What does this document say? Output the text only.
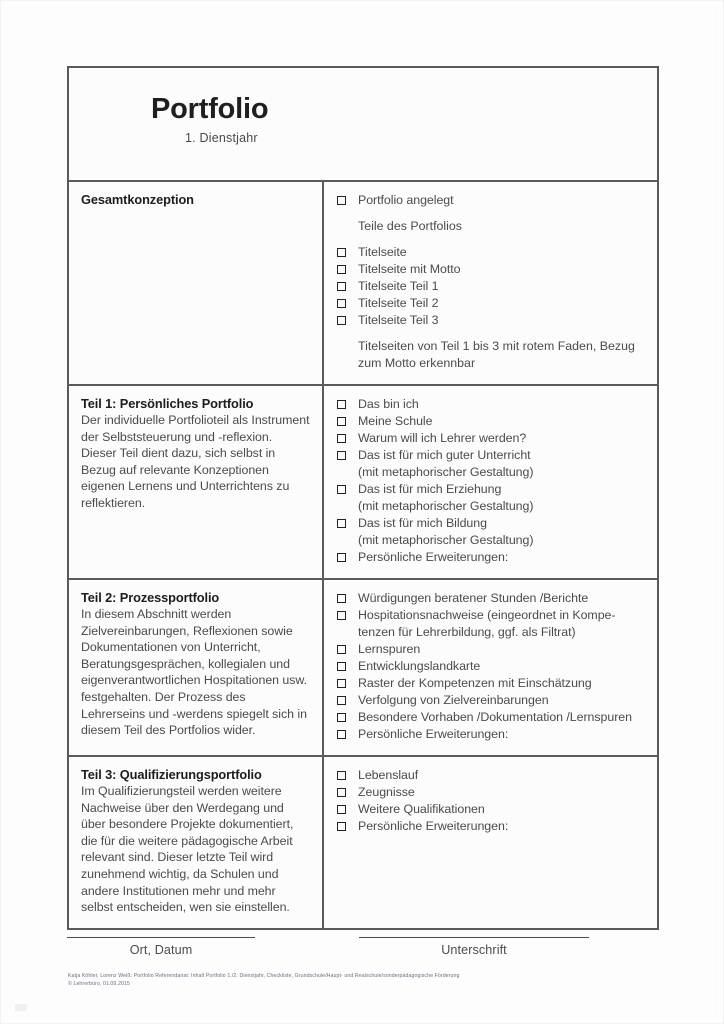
Portfolio
1. Dienstjahr
Gesamtkonzeption	Portfolio angelegt
Teile des Portfolios
Titelseite
Titelseite mit Motto
Titelseite Teil 1
Titelseite Teil 2
Titelseite Teil 3
Titelseiten von Teil 1 bis 3 mit rotem Faden, Bezug zum Motto erkennbar
Teil 1: Persönliches Portfolio

Der individuelle Portfolioteil als Instrument der Selbststeuerung und -reflexion. Dieser Teil dient dazu, sich selbst in Bezug auf relevante Konzeptionen eigenen Lernens und Unterrichtens zu reflektieren.

Das bin ich
Meine Schule
Warum will ich Lehrer werden?
Das ist für mich guter Unterricht
(mit metaphorischer Gestaltung)
Das ist für mich Erziehung
(mit metaphorischer Gestaltung)
Das ist für mich Bildung
(mit metaphorischer Gestaltung)
Persönliche Erweiterungen:
Teil 2: Prozessportfolio

In diesem Abschnitt werden Zielvereinbarungen, Reflexionen sowie Dokumentationen von Unterricht, Beratungsgesprächen, kollegialen und eigenverantwortlichen Hospitationen usw. festgehalten. Der Prozess des Lehrerseins und -werdens spiegelt sich in diesem Teil des Portfolios wider.

Würdigungen beratener Stunden /Berichte
Hospitationsnachweise (eingeordnet in Kompe-
tenzen für Lehrerbildung, ggf. als Filtrat)
Lernspuren
Entwicklungslandkarte
Raster der Kompetenzen mit Einschätzung
Verfolgung von Zielvereinbarungen
Besondere Vorhaben /Dokumentation /Lernspuren
Persönliche Erweiterungen:
Teil 3: Qualifizierungsportfolio

Im Qualifizierungsteil werden weitere Nachweise über den Werdegang und über besondere Projekte dokumentiert, die für die weitere pädagogische Arbeit relevant sind. Dieser letzte Teil wird zunehmend wichtig, da Schulen und andere Institutionen mehr und mehr selbst entscheiden, wen sie einstellen.

Lebenslauf
Zeugnisse
Weitere Qualifikationen
Persönliche Erweiterungen:
Ort, Datum	Unterschrift
Katja Köhler, Lorenz Weiß: Portfolio Referendariat: Inhalt Portfolio 1./2. Dienstjahr, Checkliste, Grundschule/Haupt- und Realschule/sonderpädagogische Förderung
© Lehrerbüro, 01.09.2015
